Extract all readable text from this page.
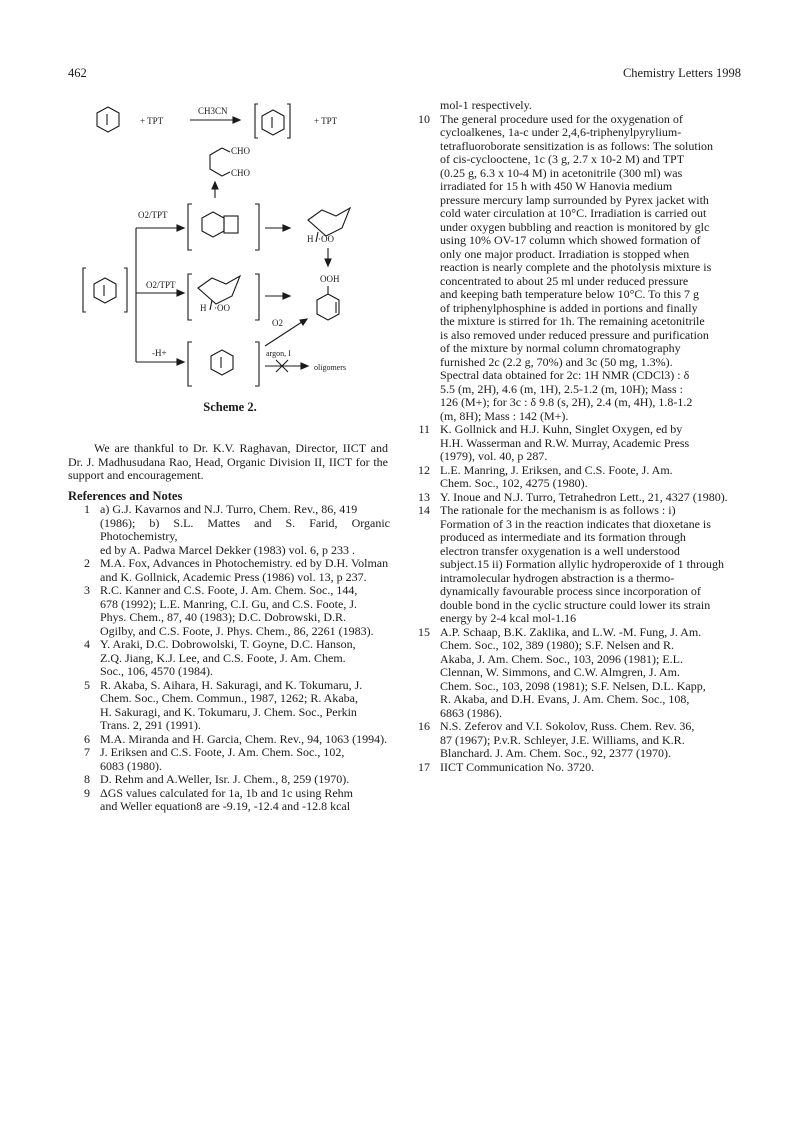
462	Chemistry Letters 1998
+ TPT
CH3CN
+ TPT
CHO
CHO
O2/TPT
O2/TPT
OOH
·OO
·OO
H
H
O2
-H+	argon, I
oligomers
Scheme 2.
We are thankful to Dr. K.V. Raghavan, Director, IICT and Dr. J. Madhusudana Rao, Head, Organic Division II, IICT for the support and encouragement.
References and Notes
1 a) G.J. Kavarnos and N.J. Turro, Chem. Rev., 86, 419
(1986); b) S.L. Mattes and S. Farid, Organic Photochemistry,
ed by A. Padwa Marcel Dekker (1983) vol. 6, p 233 .
2 M.A. Fox, Advances in Photochemistry. ed by D.H. Volman
and K. Gollnick, Academic Press (1986) vol. 13, p 237.
3 R.C. Kanner and C.S. Foote, J. Am. Chem. Soc., 144,
678 (1992); L.E. Manring, C.I. Gu, and C.S. Foote, J.
Phys. Chem., 87, 40 (1983); D.C. Dobrowski, D.R.
Ogilby, and C.S. Foote, J. Phys. Chem., 86, 2261 (1983).
4 Y. Araki, D.C. Dobrowolski, T. Goyne, D.C. Hanson,
Z.Q. Jiang, K.J. Lee, and C.S. Foote, J. Am. Chem.
Soc., 106, 4570 (1984).
5 R. Akaba, S. Aihara, H. Sakuragi, and K. Tokumaru, J.
Chem. Soc., Chem. Commun., 1987, 1262; R. Akaba,
H. Sakuragi, and K. Tokumaru, J. Chem. Soc., Perkin
Trans. 2, 291 (1991).
6 M.A. Miranda and H. Garcia, Chem. Rev., 94, 1063 (1994).
7 J. Eriksen and C.S. Foote, J. Am. Chem. Soc., 102,
6083 (1980).
8 D. Rehm and A.Weller, Isr. J. Chem., 8, 259 (1970).
9 ΔGS values calculated for 1a, 1b and 1c using Rehm
and Weller equation8 are -9.19, -12.4 and -12.8 kcal
mol-1 respectively.
10 The general procedure used for the oxygenation of
cycloalkenes, 1a-c under 2,4,6-triphenylpyrylium-
tetrafluoroborate sensitization is as follows: The solution
of cis-cyclooctene, 1c (3 g, 2.7 x 10-2 M) and TPT
(0.25 g, 6.3 x 10-4 M) in acetonitrile (300 ml) was
irradiated for 15 h with 450 W Hanovia medium
pressure mercury lamp surrounded by Pyrex jacket with
cold water circulation at 10°C. Irradiation is carried out
under oxygen bubbling and reaction is monitored by glc
using 10% OV-17 column which showed formation of
only one major product. Irradiation is stopped when
reaction is nearly complete and the photolysis mixture is
concentrated to about 25 ml under reduced pressure
and keeping bath temperature below 10°C. To this 7 g
of triphenylphosphine is added in portions and finally
the mixture is stirred for 1h. The remaining acetonitrile
is also removed under reduced pressure and purification
of the mixture by normal column chromatography
furnished 2c (2.2 g, 70%) and 3c (50 mg, 1.3%).
Spectral data obtained for 2c: 1H NMR (CDCl3) : δ
5.5 (m, 2H), 4.6 (m, 1H), 2.5-1.2 (m, 10H); Mass :
126 (M+); for 3c : δ 9.8 (s, 2H), 2.4 (m, 4H), 1.8-1.2
(m, 8H); Mass : 142 (M+).
11 K. Gollnick and H.J. Kuhn, Singlet Oxygen, ed by
H.H. Wasserman and R.W. Murray, Academic Press
(1979), vol. 40, p 287.
12 L.E. Manring, J. Eriksen, and C.S. Foote, J. Am.
Chem. Soc., 102, 4275 (1980).
13 Y. Inoue and N.J. Turro, Tetrahedron Lett., 21, 4327 (1980).
14 The rationale for the mechanism is as follows : i)
Formation of 3 in the reaction indicates that dioxetane is
produced as intermediate and its formation through
electron transfer oxygenation is a well understood
subject.15 ii) Formation allylic hydroperoxide of 1 through
intramolecular hydrogen abstraction is a thermo-
dynamically favourable process since incorporation of
double bond in the cyclic structure could lower its strain
energy by 2-4 kcal mol-1.16
15 A.P. Schaap, B.K. Zaklika, and L.W. -M. Fung, J. Am.
Chem. Soc., 102, 389 (1980); S.F. Nelsen and R.
Akaba, J. Am. Chem. Soc., 103, 2096 (1981); E.L.
Clennan, W. Simmons, and C.W. Almgren, J. Am.
Chem. Soc., 103, 2098 (1981); S.F. Nelsen, D.L. Kapp,
R. Akaba, and D.H. Evans, J. Am. Chem. Soc., 108,
6863 (1986).
16 N.S. Zeferov and V.I. Sokolov, Russ. Chem. Rev. 36,
87 (1967); P.v.R. Schleyer, J.E. Williams, and K.R.
Blanchard. J. Am. Chem. Soc., 92, 2377 (1970).
17 IICT Communication No. 3720.
